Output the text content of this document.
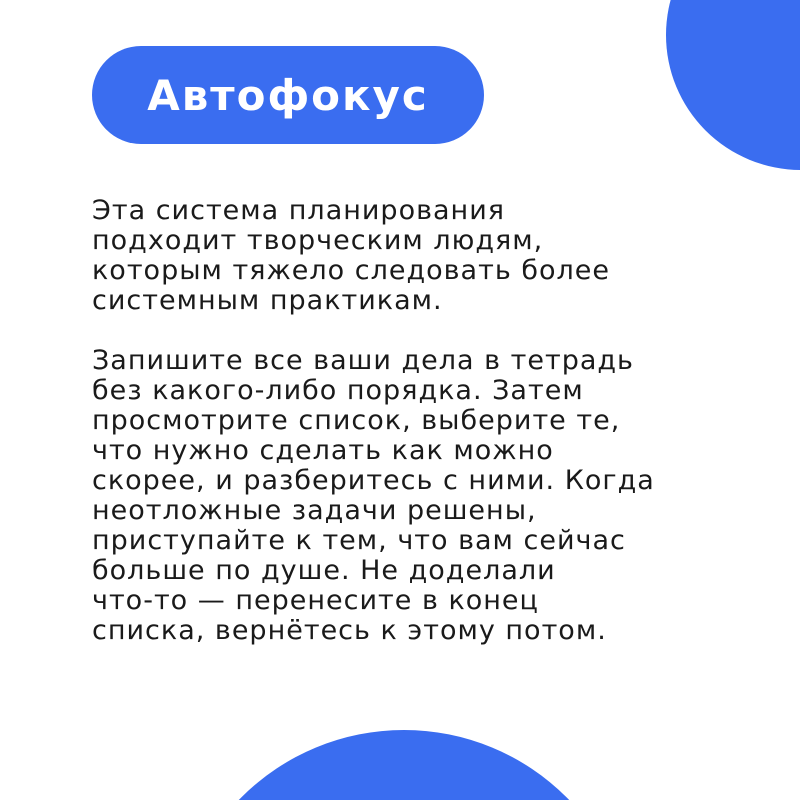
Автофокус

Эта система планирования
подходит творческим людям,
которым тяжело следовать более
системным практикам.

Запишите все ваши дела в тетрадь
без какого-либо порядка. Затем
просмотрите список, выберите те,
что нужно сделать как можно
скорее, и разберитесь с ними. Когда
неотложные задачи решены,
приступайте к тем, что вам сейчас
больше по душе. Не доделали
что-то — перенесите в конец
списка, вернётесь к этому потом.
